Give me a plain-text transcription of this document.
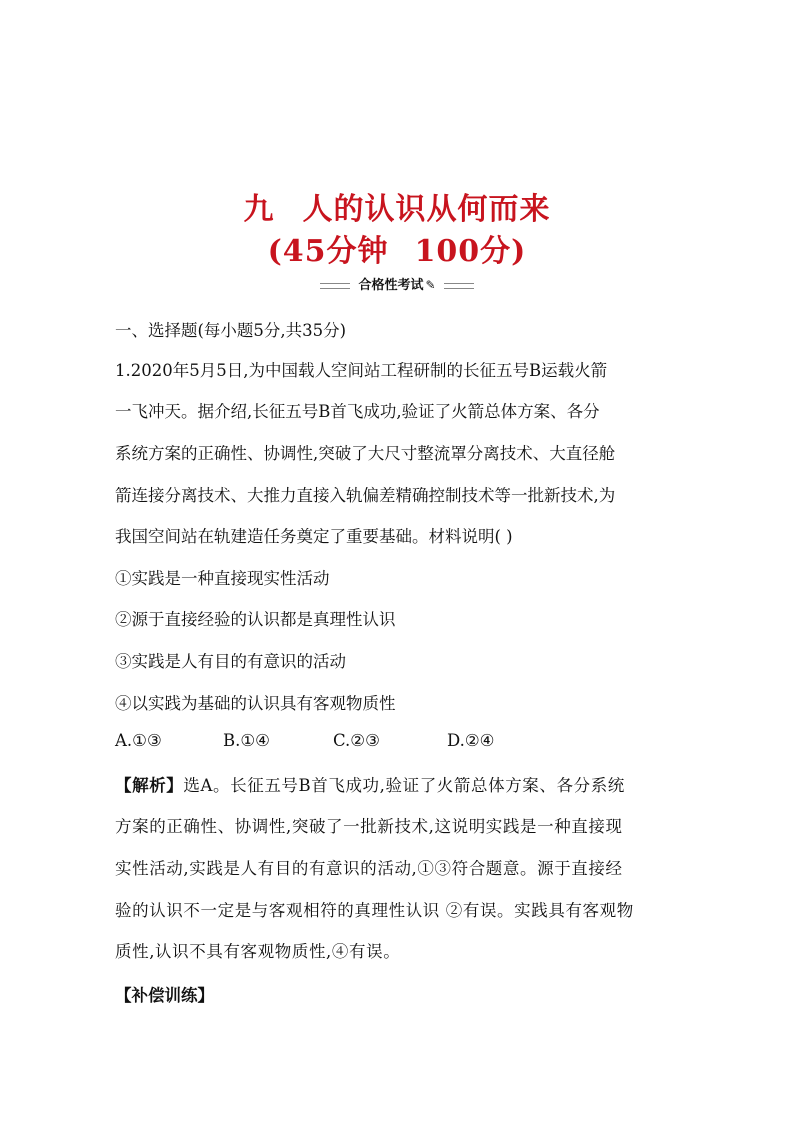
九 人的认识从何而来
(45分钟 100分)
合格性考试 ✎

一、选择题(每小题5分,共35分)

1.2020年5月5日,为中国载人空间站工程研制的长征五号B运载火箭

一飞冲天。据介绍,长征五号B首飞成功,验证了火箭总体方案、各分

系统方案的正确性、协调性,突破了大尺寸整流罩分离技术、大直径舱

箭连接分离技术、大推力直接入轨偏差精确控制技术等一批新技术,为

我国空间站在轨建造任务奠定了重要基础。材料说明( )

①实践是一种直接现实性活动

②源于直接经验的认识都是真理性认识

③实践是人有目的有意识的活动

④以实践为基础的认识具有客观物质性

A.①③	B.①④	C.②③	D.②④

【解析】选A。长征五号B首飞成功,验证了火箭总体方案、各分系统

方案的正确性、协调性,突破了一批新技术,这说明实践是一种直接现

实性活动,实践是人有目的有意识的活动,①③符合题意。源于直接经

验的认识不一定是与客观相符的真理性认识 ②有误。实践具有客观物

质性,认识不具有客观物质性,④有误。

【补偿训练】
